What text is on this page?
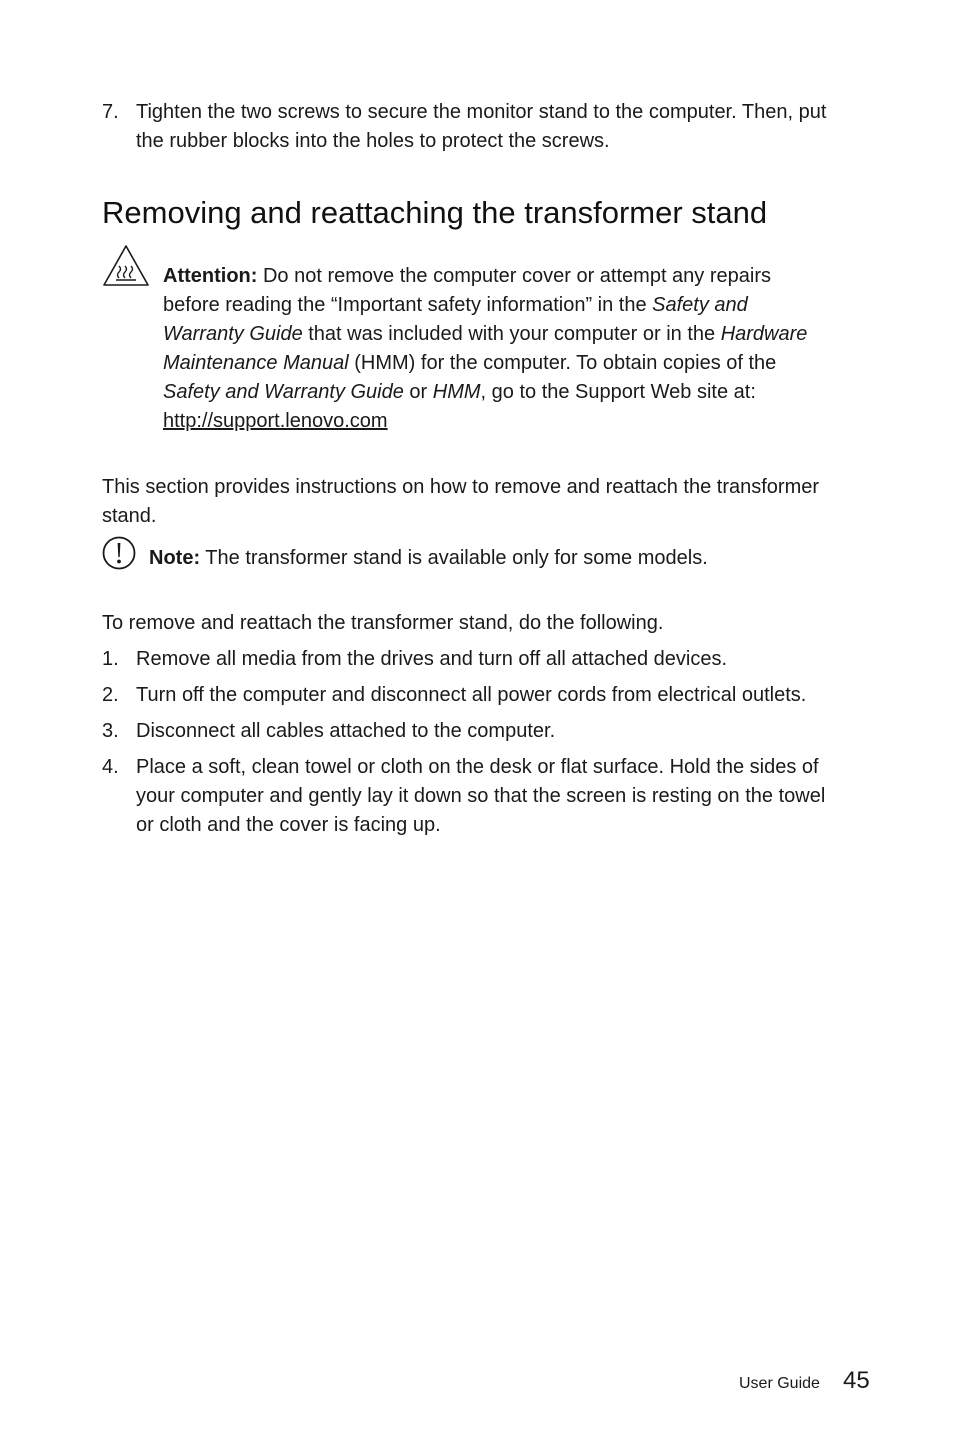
7. Tighten the two screws to secure the monitor stand to the computer. Then, put

the rubber blocks into the holes to protect the screws.

Removing and reattaching the transformer stand

Attention: Do not remove the computer cover or attempt any repairs

before reading the “Important safety information” in the Safety and

Warranty Guide that was included with your computer or in the Hardware

Maintenance Manual (HMM) for the computer. To obtain copies of the

Safety and Warranty Guide or HMM, go to the Support Web site at:

http://support.lenovo.com

This section provides instructions on how to remove and reattach the transformer

stand.

Note: The transformer stand is available only for some models.

To remove and reattach the transformer stand, do the following.

1. Remove all media from the drives and turn off all attached devices.

2. Turn off the computer and disconnect all power cords from electrical outlets.

3. Disconnect all cables attached to the computer.

4. Place a soft, clean towel or cloth on the desk or flat surface. Hold the sides of

your computer and gently lay it down so that the screen is resting on the towel

or cloth and the cover is facing up.

User Guide 45
